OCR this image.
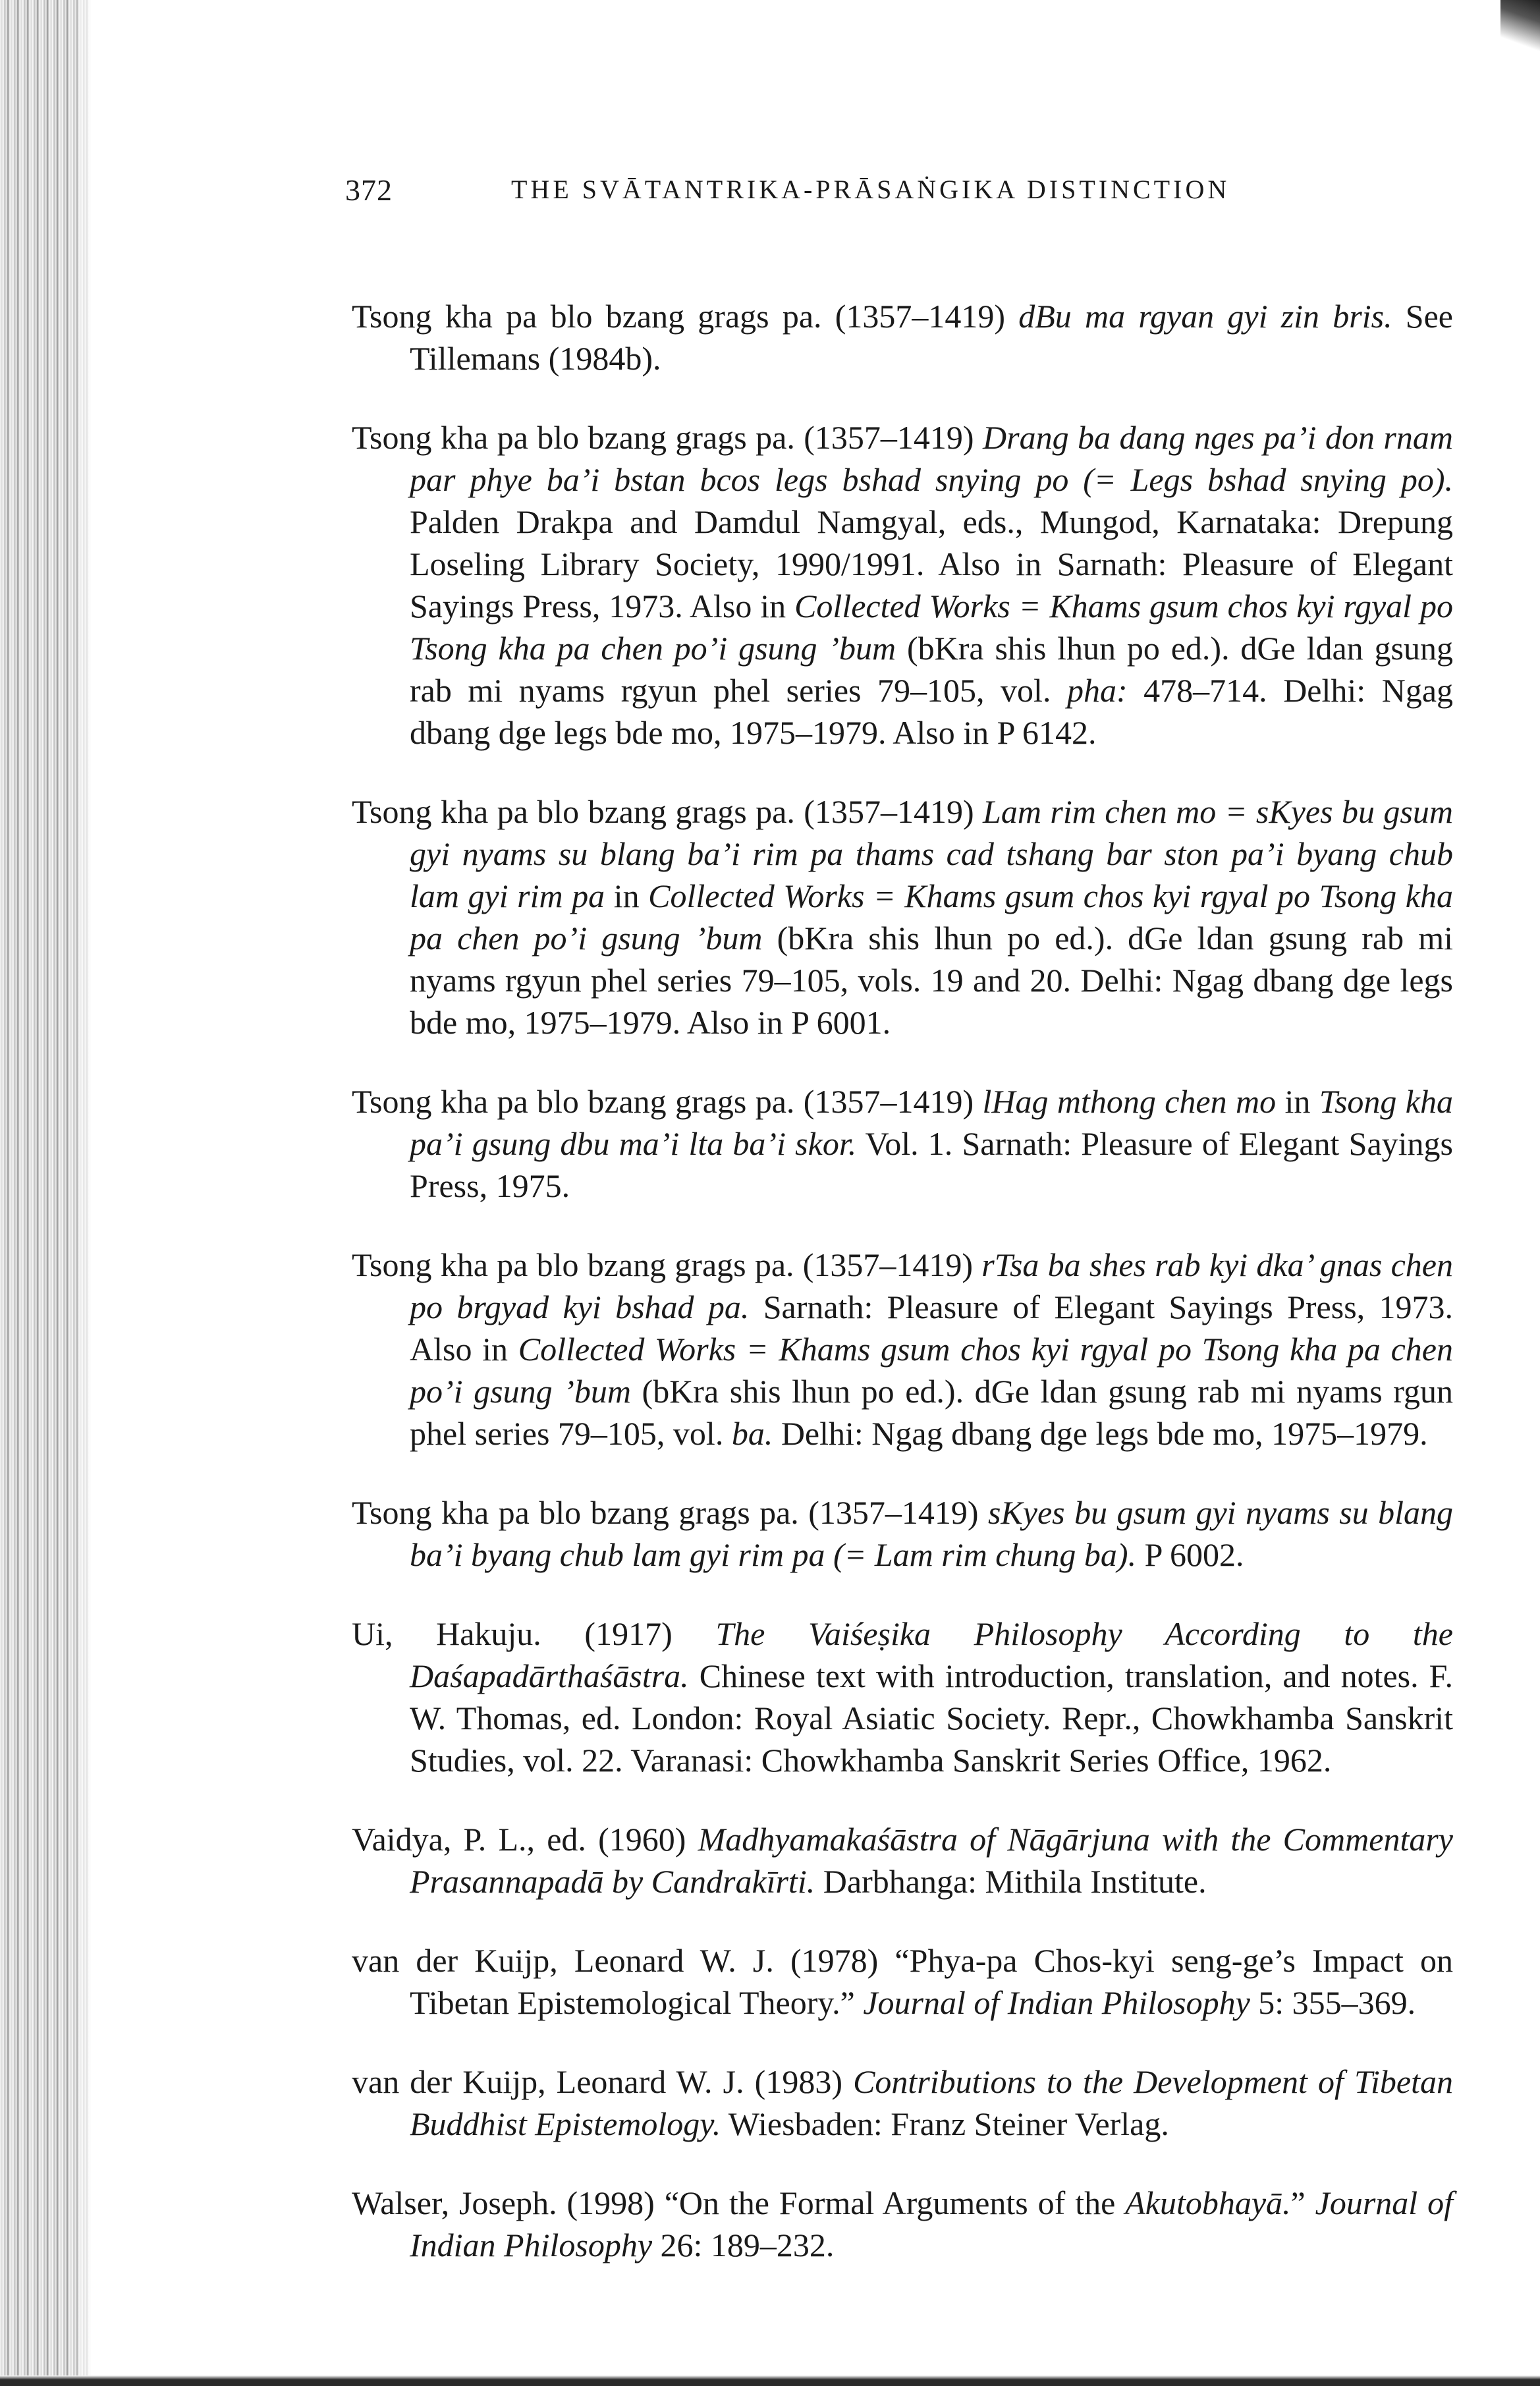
372	THE SVĀTANTRIKA-PRĀSAṄGIKA DISTINCTION

Tsong kha pa blo bzang grags pa. (1357–1419) dBu ma rgyan gyi zin bris. See Tillemans (1984b).

Tsong kha pa blo bzang grags pa. (1357–1419) Drang ba dang nges pa’i don rnam par phye ba’i bstan bcos legs bshad snying po (= Legs bshad snying po). Palden Drakpa and Damdul Namgyal, eds., Mungod, Karnataka: Drepung Loseling Library Society, 1990/1991. Also in Sarnath: Pleasure of Elegant Sayings Press, 1973. Also in Collected Works = Khams gsum chos kyi rgyal po Tsong kha pa chen po’i gsung ’bum (bKra shis lhun po ed.). dGe ldan gsung rab mi nyams rgyun phel series 79–105, vol. pha: 478–714. Delhi: Ngag dbang dge legs bde mo, 1975–1979. Also in P 6142.

Tsong kha pa blo bzang grags pa. (1357–1419) Lam rim chen mo = sKyes bu gsum gyi nyams su blang ba’i rim pa thams cad tshang bar ston pa’i byang chub lam gyi rim pa in Collected Works = Khams gsum chos kyi rgyal po Tsong kha pa chen po’i gsung ’bum (bKra shis lhun po ed.). dGe ldan gsung rab mi nyams rgyun phel series 79–105, vols. 19 and 20. Delhi: Ngag dbang dge legs bde mo, 1975–1979. Also in P 6001.

Tsong kha pa blo bzang grags pa. (1357–1419) lHag mthong chen mo in Tsong kha pa’i gsung dbu ma’i lta ba’i skor. Vol. 1. Sarnath: Pleasure of Elegant Sayings Press, 1975.

Tsong kha pa blo bzang grags pa. (1357–1419) rTsa ba shes rab kyi dka’ gnas chen po brgyad kyi bshad pa. Sarnath: Pleasure of Elegant Sayings Press, 1973. Also in Collected Works = Khams gsum chos kyi rgyal po Tsong kha pa chen po’i gsung ’bum (bKra shis lhun po ed.). dGe ldan gsung rab mi nyams rgun phel series 79–105, vol. ba. Delhi: Ngag dbang dge legs bde mo, 1975–1979.

Tsong kha pa blo bzang grags pa. (1357–1419) sKyes bu gsum gyi nyams su blang ba’i byang chub lam gyi rim pa (= Lam rim chung ba). P 6002.

Ui, Hakuju. (1917) The Vaiśeṣika Philosophy According to the Daśapadārthaśāstra. Chinese text with introduction, translation, and notes. F. W. Thomas, ed. London: Royal Asiatic Society. Repr., Chowkhamba Sanskrit Studies, vol. 22. Varanasi: Chowkhamba Sanskrit Series Office, 1962.

Vaidya, P. L., ed. (1960) Madhyamakaśāstra of Nāgārjuna with the Commentary Prasannapadā by Candrakīrti. Darbhanga: Mithila Institute.

van der Kuijp, Leonard W. J. (1978) “Phya-pa Chos-kyi seng-ge’s Impact on Tibetan Epistemological Theory.” Journal of Indian Philosophy 5: 355–369.

van der Kuijp, Leonard W. J. (1983) Contributions to the Development of Tibetan Buddhist Epistemology. Wiesbaden: Franz Steiner Verlag.

Walser, Joseph. (1998) “On the Formal Arguments of the Akutobhayā.” Journal of Indian Philosophy 26: 189–232.
